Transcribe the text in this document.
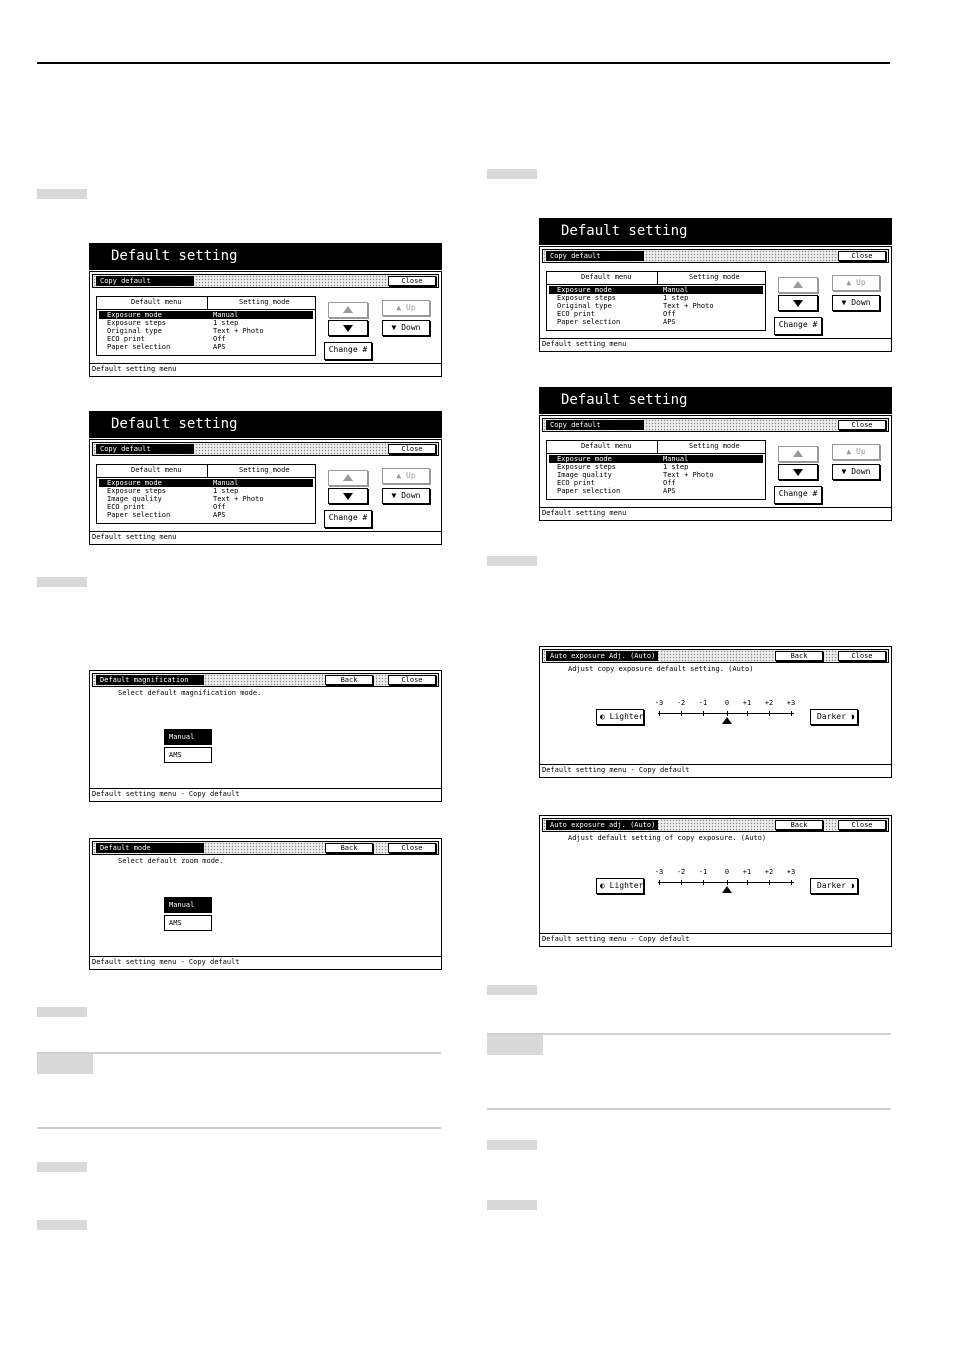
Default setting
Copy default	Close
Default menu	Setting mode
Exposure mode	Manual
Exposure steps	1 step
Original type	Text + Photo
ECO print	Off
Paper selection	APS
▲ Up
▼ Down
Change #
Default setting menu
Default setting
Copy default	Close
Default menu	Setting mode
Exposure mode	Manual
Exposure steps	1 step
Image quality	Text + Photo
ECO print	Off
Paper selection	APS
▲ Up
▼ Down
Change #
Default setting menu
Default setting
Copy default	Close
Default menu	Setting mode
Exposure mode	Manual
Exposure steps	1 step
Original type	Text + Photo
ECO print	Off
Paper selection	APS
▲ Up
▼ Down
Change #
Default setting menu
Default setting
Copy default	Close
Default menu	Setting mode
Exposure mode	Manual
Exposure steps	1 step
Image quality	Text + Photo
ECO print	Off
Paper selection	APS
▲ Up
▼ Down
Change #
Default setting menu
Default magnification	Back	Close
Select default magnification mode.
Manual
AMS
Default setting menu - Copy default
Default mode	Back	Close
Select default zoom mode.
Manual
AMS
Default setting menu - Copy default
Auto exposure Adj. (Auto)	Back	Close
Adjust copy exposure default setting. (Auto)
-3	-2	-1	0	+1	+2	+3
◐ Lighter	Darker ◗
Default setting menu - Copy default
Auto exposure adj. (Auto)	Back	Close
Adjust default setting of copy exposure. (Auto)
-3	-2	-1	0	+1	+2	+3
◐ Lighter	Darker ◗
Default setting menu - Copy default
